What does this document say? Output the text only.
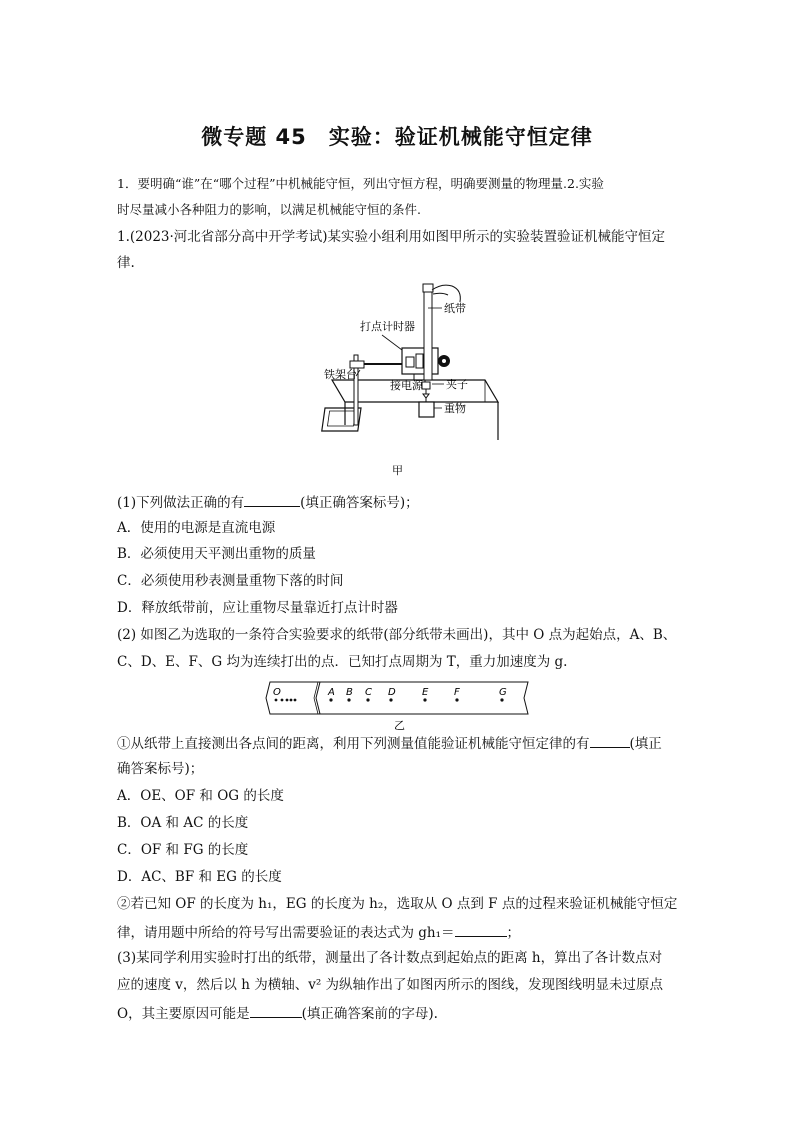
微专题 45　实验：验证机械能守恒定律
1．要明确“谁”在“哪个过程”中机械能守恒，列出守恒方程，明确要测量的物理量.2.实验
时尽量减小各种阻力的影响，以满足机械能守恒的条件.
1.(2023·河北省部分高中开学考试)某实验小组利用如图甲所示的实验装置验证机械能守恒定
律.
打点计时器
纸带
铁架台
接电源 夹子
重物
甲
(1)下列做法正确的有	(填正确答案标号)；
A．使用的电源是直流电源
B．必须使用天平测出重物的质量
C．必须使用秒表测量重物下落的时间
D．释放纸带前，应让重物尽量靠近打点计时器
(2) 如图乙为选取的一条符合实验要求的纸带(部分纸带未画出)，其中 O 点为起始点，A、B、
C、D、E、F、G 均为连续打出的点．已知打点周期为 T，重力加速度为 g.
O	A B C D	E	F	G
乙
①从纸带上直接测出各点间的距离，利用下列测量值能验证机械能守恒定律的有	(填正
确答案标号)；
A．OE、OF 和 OG 的长度
B．OA 和 AC 的长度
C．OF 和 FG 的长度
D．AC、BF 和 EG 的长度
②若已知 OF 的长度为 h₁，EG 的长度为 h₂，选取从 O 点到 F 点的过程来验证机械能守恒定
律，请用题中所给的符号写出需要验证的表达式为 gh₁＝	；
(3)某同学利用实验时打出的纸带，测量出了各计数点到起始点的距离 h，算出了各计数点对
应的速度 v，然后以 h 为横轴、v² 为纵轴作出了如图丙所示的图线，发现图线明显未过原点
O，其主要原因可能是	(填正确答案前的字母).
